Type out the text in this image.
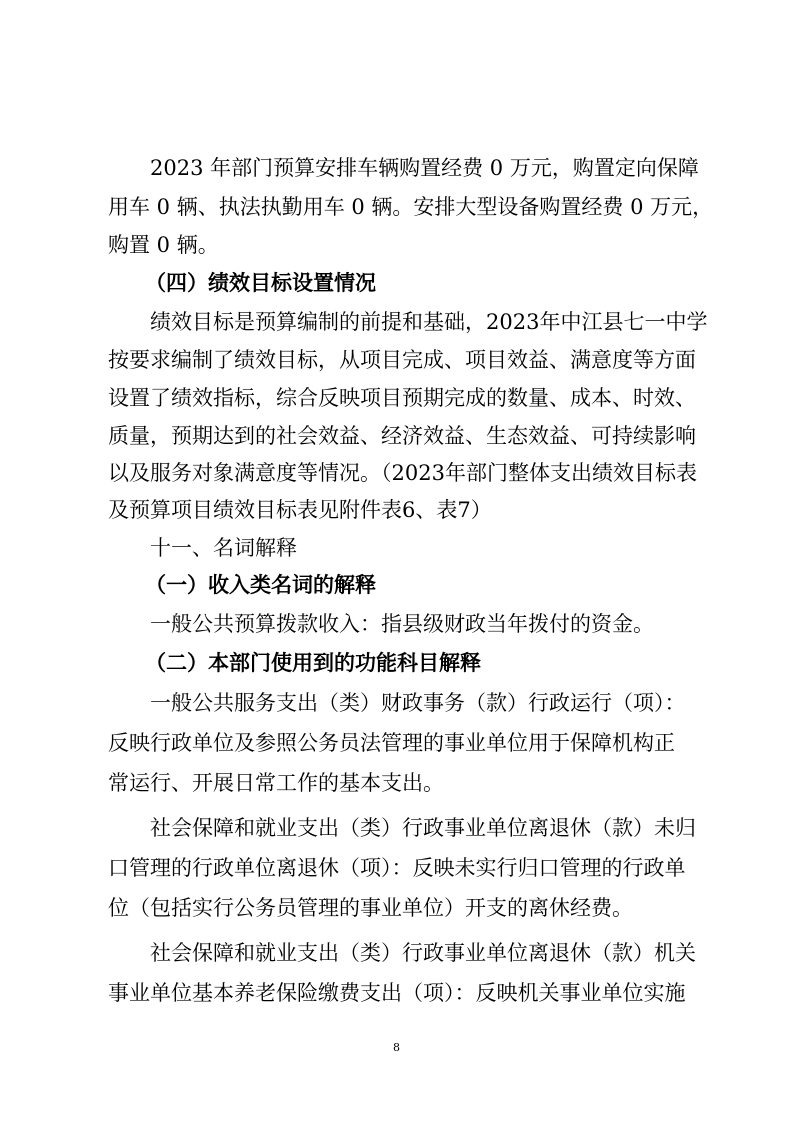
2023 年部门预算安排车辆购置经费 0 万元，购置定向保障

用车 0 辆、执法执勤用车 0 辆。安排大型设备购置经费 0 万元，

购置 0 辆。

（四）绩效目标设置情况

绩效目标是预算编制的前提和基础，2023年中江县七一中学

按要求编制了绩效目标，从项目完成、项目效益、满意度等方面

设置了绩效指标，综合反映项目预期完成的数量、成本、时效、

质量，预期达到的社会效益、经济效益、生态效益、可持续影响

以及服务对象满意度等情况。（2023年部门整体支出绩效目标表

及预算项目绩效目标表见附件表6、表7）

十一、名词解释

（一）收入类名词的解释

一般公共预算拨款收入：指县级财政当年拨付的资金。

（二）本部门使用到的功能科目解释

一般公共服务支出（类）财政事务（款）行政运行（项）：

反映行政单位及参照公务员法管理的事业单位用于保障机构正

常运行、开展日常工作的基本支出。

社会保障和就业支出（类）行政事业单位离退休（款）未归

口管理的行政单位离退休（项）：反映未实行归口管理的行政单

位（包括实行公务员管理的事业单位）开支的离休经费。

社会保障和就业支出（类）行政事业单位离退休（款）机关

事业单位基本养老保险缴费支出（项）：反映机关事业单位实施

8
